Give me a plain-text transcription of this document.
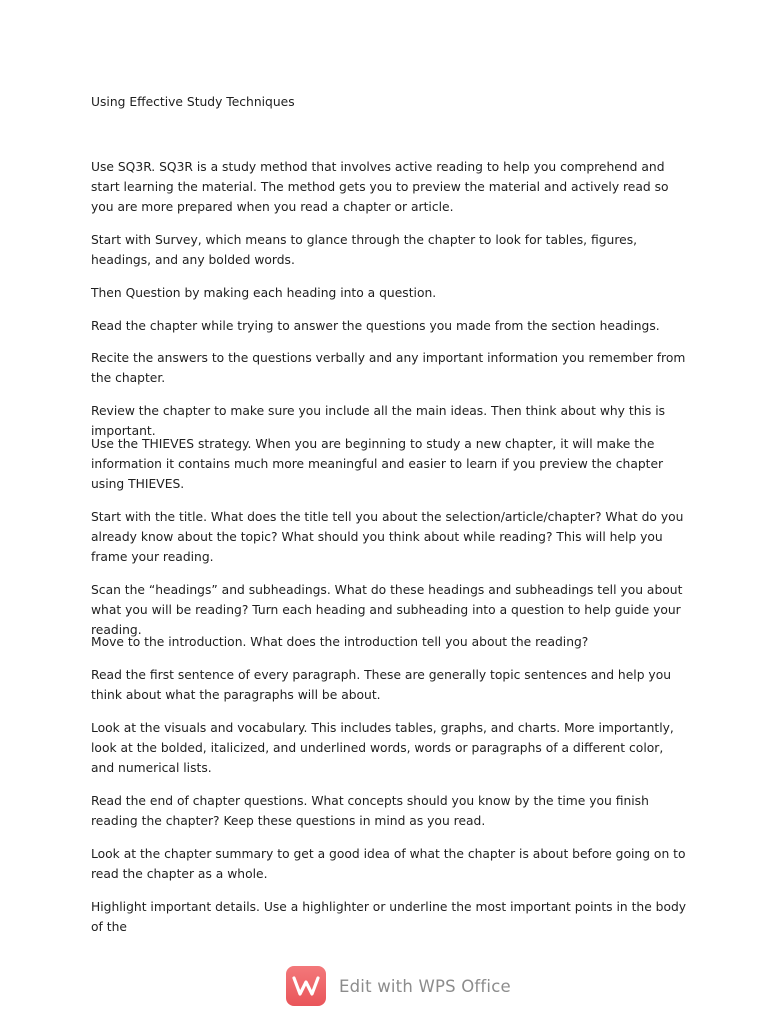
Using Effective Study Techniques

Use SQ3R. SQ3R is a study method that involves active reading to help you comprehend and start learning the material. The method gets you to preview the material and actively read so you are more prepared when you read a chapter or article.

Start with Survey, which means to glance through the chapter to look for tables, figures, headings, and any bolded words.

Then Question by making each heading into a question.

Read the chapter while trying to answer the questions you made from the section headings.

Recite the answers to the questions verbally and any important information you remember from the chapter.

Review the chapter to make sure you include all the main ideas. Then think about why this is important.

Use the THIEVES strategy. When you are beginning to study a new chapter, it will make the information it contains much more meaningful and easier to learn if you preview the chapter using THIEVES.

Start with the title. What does the title tell you about the selection/article/chapter? What do you already know about the topic? What should you think about while reading? This will help you frame your reading.

Scan the “headings” and subheadings. What do these headings and subheadings tell you about what you will be reading? Turn each heading and subheading into a question to help guide your reading.

Move to the introduction. What does the introduction tell you about the reading?

Read the first sentence of every paragraph. These are generally topic sentences and help you think about what the paragraphs will be about.

Look at the visuals and vocabulary. This includes tables, graphs, and charts. More importantly, look at the bolded, italicized, and underlined words, words or paragraphs of a different color, and numerical lists.

Read the end of chapter questions. What concepts should you know by the time you finish reading the chapter? Keep these questions in mind as you read.

Look at the chapter summary to get a good idea of what the chapter is about before going on to read the chapter as a whole.

Highlight important details. Use a highlighter or underline the most important points in the body of the

Edit with WPS Office
